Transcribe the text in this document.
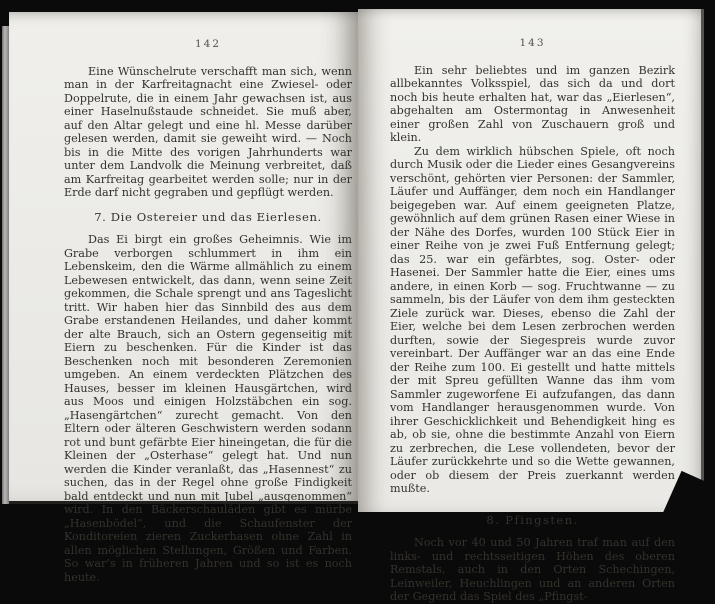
142

Eine Wünschelrute verschafft man sich, wenn man in der Karfreitagnacht eine Zwiesel- oder Doppelrute, die in einem Jahr gewachsen ist, aus einer Haselnußstaude schneidet. Sie muß aber, auf den Altar gelegt und eine hl. Messe darüber gelesen werden, damit sie geweiht wird. — Noch bis in die Mitte des vorigen Jahrhunderts war unter dem Landvolk die Meinung verbreitet, daß am Karfreitag gearbeitet werden solle; nur in der Erde darf nicht gegraben und gepflügt werden.

7. Die Ostereier und das Eierlesen.

Das Ei birgt ein großes Geheimnis. Wie im Grabe verborgen schlummert in ihm ein Lebenskeim, den die Wärme allmählich zu einem Lebewesen entwickelt, das dann, wenn seine Zeit gekommen, die Schale sprengt und ans Tageslicht tritt. Wir haben hier das Sinnbild des aus dem Grabe erstandenen Heilandes, und daher kommt der alte Brauch, sich an Ostern gegenseitig mit Eiern zu beschenken. Für die Kinder ist das Beschenken noch mit besonderen Zeremonien umgeben. An einem verdeckten Plätzchen des Hauses, besser im kleinen Hausgärtchen, wird aus Moos und einigen Holzstäbchen ein sog. „Hasengärtchen“ zurecht gemacht. Von den Eltern oder älteren Geschwistern werden sodann rot und bunt gefärbte Eier hineingetan, die für die Kleinen der „Osterhase“ gelegt hat. Und nun werden die Kinder veranlaßt, das „Hasennest“ zu suchen, das in der Regel ohne große Findigkeit bald entdeckt und nun mit Jubel „ausgenommen“ wird. In den Bäckerschauläden gibt es mürbe „Hasenbödel“, und die Schaufenster der Konditoreien zieren Zuckerhasen ohne Zahl in allen möglichen Stellungen, Größen und Farben. So war’s in früheren Jahren und so ist es noch heute.

143

Ein sehr beliebtes und im ganzen Bezirk allbekanntes Volksspiel, das sich da und dort noch bis heute erhalten hat, war das „Eierlesen“, abgehalten am Ostermontag in Anwesenheit einer großen Zahl von Zuschauern groß und klein.

Zu dem wirklich hübschen Spiele, oft noch durch Musik oder die Lieder eines Gesangvereins verschönt, gehörten vier Personen: der Sammler, Läufer und Auffänger, dem noch ein Handlanger beigegeben war. Auf einem geeigneten Platze, gewöhnlich auf dem grünen Rasen einer Wiese in der Nähe des Dorfes, wurden 100 Stück Eier in einer Reihe von je zwei Fuß Entfernung gelegt; das 25. war ein gefärbtes, sog. Oster- oder Hasenei. Der Sammler hatte die Eier, eines ums andere, in einen Korb — sog. Fruchtwanne — zu sammeln, bis der Läufer von dem ihm gesteckten Ziele zurück war. Dieses, ebenso die Zahl der Eier, welche bei dem Lesen zerbrochen werden durften, sowie der Siegespreis wurde zuvor vereinbart. Der Auffänger war an das eine Ende der Reihe zum 100. Ei gestellt und hatte mittels der mit Spreu gefüllten Wanne das ihm vom Sammler zugeworfene Ei aufzufangen, das dann vom Handlanger herausgenommen wurde. Von ihrer Geschicklichkeit und Behendigkeit hing es ab, ob sie, ohne die bestimmte Anzahl von Eiern zu zerbrechen, die Lese vollendeten, bevor der Läufer zurückkehrte und so die Wette gewannen, oder ob diesem der Preis zuerkannt werden mußte.

8. Pfingsten.

Noch vor 40 und 50 Jahren traf man auf den links- und rechtsseitigen Höhen des oberen Remstals, auch in den Orten Schechingen, Leinweiler, Heuchlingen und an anderen Orten der Gegend das Spiel des „Pfingst-
